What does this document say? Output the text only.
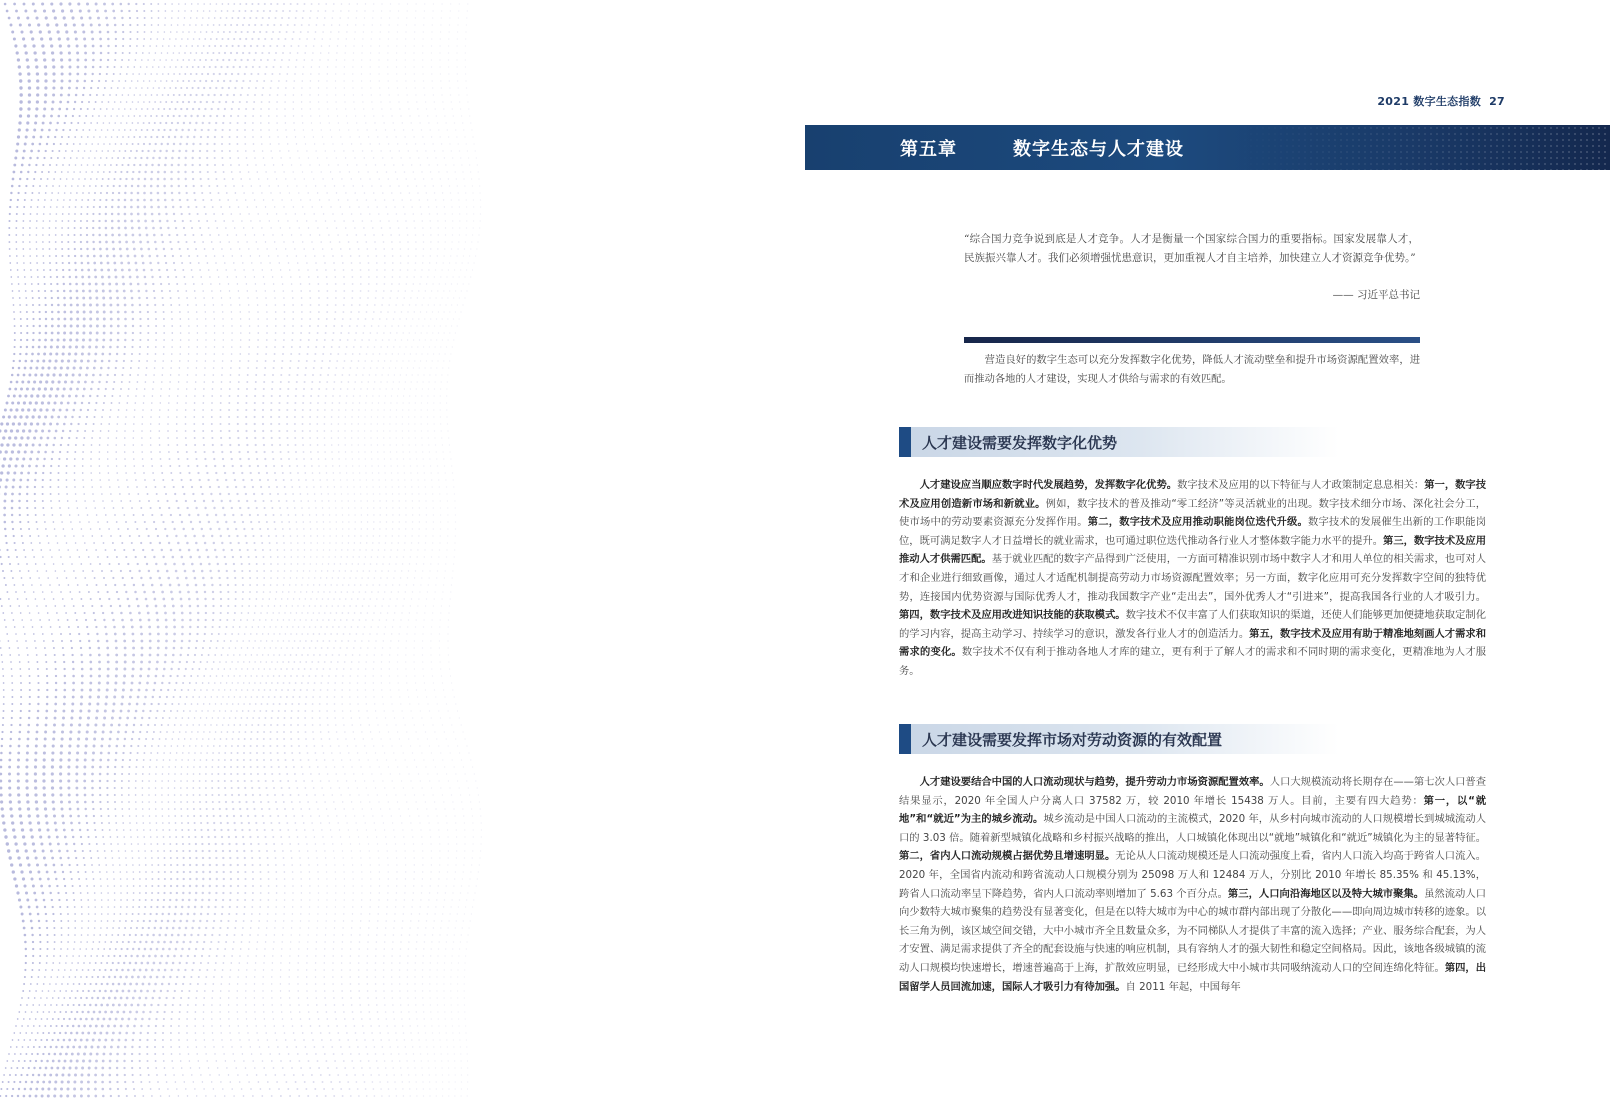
2021 数字生态指数 27
第五章	数字生态与人才建设
“综合国力竞争说到底是人才竞争。人才是衡量一个国家综合国力的重要指标。国家发展靠人才，民族振兴靠人才。我们必须增强忧患意识，更加重视人才自主培养，加快建立人才资源竞争优势。”
—— 习近平总书记
营造良好的数字生态可以充分发挥数字化优势，降低人才流动壁垒和提升市场资源配置效率，进而推动各地的人才建设，实现人才供给与需求的有效匹配。
人才建设需要发挥数字化优势
人才建设应当顺应数字时代发展趋势，发挥数字化优势。数字技术及应用的以下特征与人才政策制定息息相关：第一，数字技术及应用创造新市场和新就业。例如，数字技术的普及推动“零工经济”等灵活就业的出现。数字技术细分市场、深化社会分工，使市场中的劳动要素资源充分发挥作用。第二，数字技术及应用推动职能岗位迭代升级。数字技术的发展催生出新的工作职能岗位，既可满足数字人才日益增长的就业需求，也可通过职位迭代推动各行业人才整体数字能力水平的提升。第三，数字技术及应用推动人才供需匹配。基于就业匹配的数字产品得到广泛使用，一方面可精准识别市场中数字人才和用人单位的相关需求，也可对人才和企业进行细致画像，通过人才适配机制提高劳动力市场资源配置效率；另一方面，数字化应用可充分发挥数字空间的独特优势，连接国内优势资源与国际优秀人才，推动我国数字产业“走出去”，国外优秀人才“引进来”，提高我国各行业的人才吸引力。第四，数字技术及应用改进知识技能的获取模式。数字技术不仅丰富了人们获取知识的渠道，还使人们能够更加便捷地获取定制化的学习内容，提高主动学习、持续学习的意识，激发各行业人才的创造活力。第五，数字技术及应用有助于精准地刻画人才需求和需求的变化。数字技术不仅有利于推动各地人才库的建立，更有利于了解人才的需求和不同时期的需求变化，更精准地为人才服务。
人才建设需要发挥市场对劳动资源的有效配置
人才建设要结合中国的人口流动现状与趋势，提升劳动力市场资源配置效率。人口大规模流动将长期存在——第七次人口普查结果显示，2020 年全国人户分离人口 37582 万，较 2010 年增长 15438 万人。目前，主要有四大趋势：第一，以“就地”和“就近”为主的城乡流动。城乡流动是中国人口流动的主流模式，2020 年，从乡村向城市流动的人口规模增长到城城流动人口的 3.03 倍。随着新型城镇化战略和乡村振兴战略的推出，人口城镇化体现出以“就地”城镇化和“就近”城镇化为主的显著特征。第二，省内人口流动规模占据优势且增速明显。无论从人口流动规模还是人口流动强度上看，省内人口流入均高于跨省人口流入。2020 年，全国省内流动和跨省流动人口规模分别为 25098 万人和 12484 万人，分别比 2010 年增长 85.35% 和 45.13%，跨省人口流动率呈下降趋势，省内人口流动率则增加了 5.63 个百分点。第三，人口向沿海地区以及特大城市聚集。虽然流动人口向少数特大城市聚集的趋势没有显著变化，但是在以特大城市为中心的城市群内部出现了分散化——即向周边城市转移的迹象。以长三角为例，该区域空间交错，大中小城市齐全且数量众多，为不同梯队人才提供了丰富的流入选择；产业、服务综合配套，为人才安置、满足需求提供了齐全的配套设施与快速的响应机制，具有容纳人才的强大韧性和稳定空间格局。因此，该地各级城镇的流动人口规模均快速增长，增速普遍高于上海，扩散效应明显，已经形成大中小城市共同吸纳流动人口的空间连绵化特征。第四，出国留学人员回流加速，国际人才吸引力有待加强。自 2011 年起，中国每年
